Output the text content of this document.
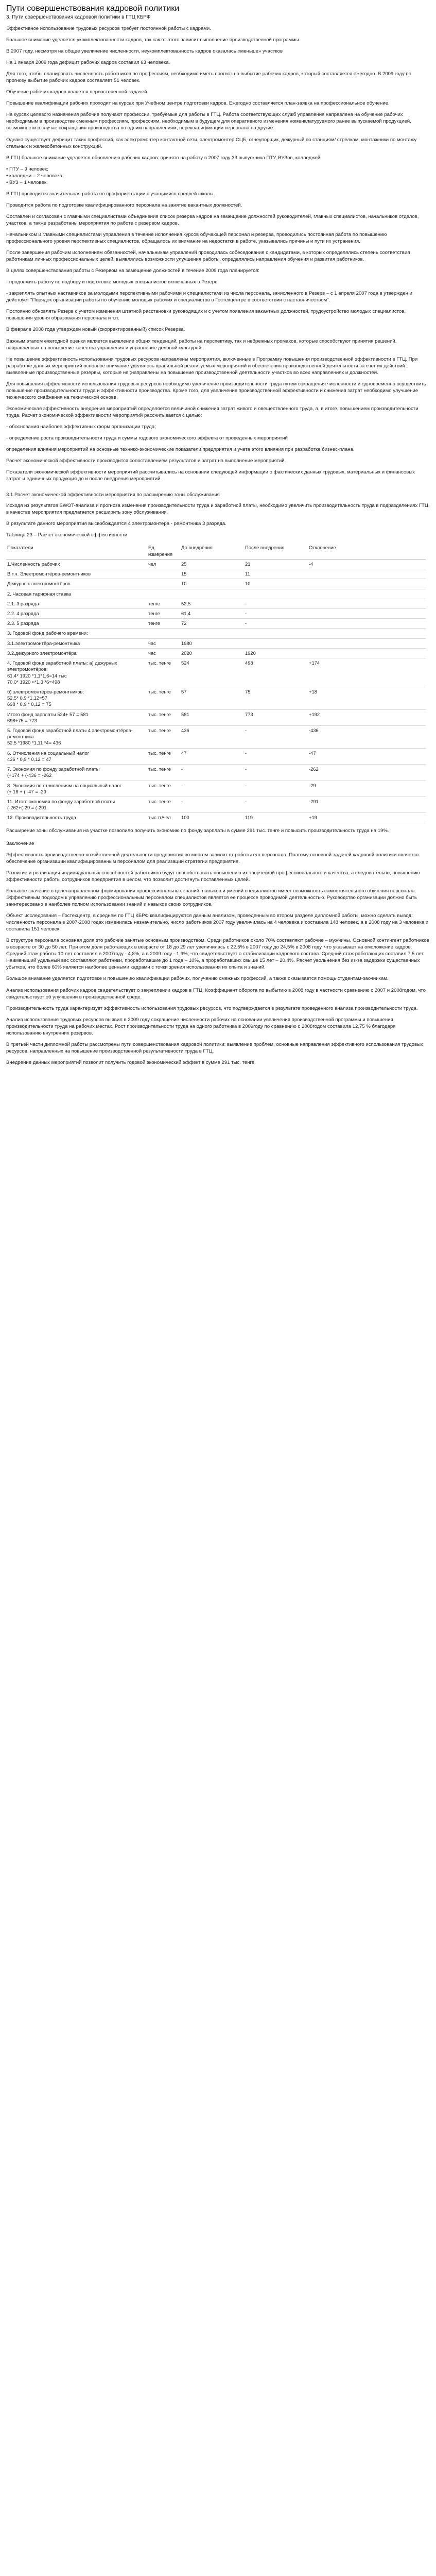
Пути совершенствования кадровой политики
3. Пути совершенствования кадровой политики в ГТЦ КБРФ
Эффективное использование трудовых ресурсов требует постоянной работы с кадрами.
Большое внимание уделяется укомплектованности кадров, так как от этого зависит выполнение производственной программы.
В 2007 году, несмотря на общее увеличение численности, неукомплектованность кадров оказалась «меньше» участков
На 1 января 2009 года дефицит рабочих кадров составил 63 человека.
Для того, чтобы планировать численность работников по профессиям, необходимо иметь прогноз на выбытие рабочих кадров, который составляется ежегодно. В 2009 году по прогнозу выбытие рабочих кадров составляет 51 человек.
Обучение рабочих кадров является первостепенной задачей.
Повышение квалификации рабочих проходит на курсах при Учебном центре подготовки кадров. Ежегодно составляется план-заявка на профессиональное обучение.
На курсах целевого назначения рабочие получают профессии, требуемые для работы в ГТЦ. Работа соответствующих служб управления направлена на обучение рабочих необходимым в производстве смежным профессиям, профессиям, необходимым в будущем для оперативного изменения номенклатуруемого ранее выпускаемой продукцией, возможности в случае сокращения производства по одним направлениям, переквалификации персонала на другие.
Однако существует дефицит таких профессий, как электромонтер контактной сети, электромонтер СЦБ, огнеупорщик, дежурный по станциям/ стрелкам, монтажники по монтажу стальных и железобетонных конструкций.
В ГТЦ большое внимание уделяется обновлению рабочих кадров: принято на работу в 2007 году 33 выпускника ПТУ, ВУЗов, колледжей:
• ПТУ – 9 человек;
• колледжи – 2 человека;
• ВУЗ – 1 человек.
В ГТЦ проводится значительная работа по профориентации с учащимися средней школы.
Проводится работа по подготовке квалифицированного персонала на занятие вакантных должностей.
Составлен и согласован с главными специалистами объединения список резерва кадров на замещение должностей руководителей, главных специалистов, начальников отделов, участков, а также разработаны мероприятия по работе с резервом кадров.
Начальником и главными специалистами управления в течение исполнения курсов обучающей персонал и резерва, проводились постоянная работа по повышению профессионального уровня перспективных специалистов, обращалось их внимание на недостатки в работе, указывались причины и пути их устранения.
После завершения рабочим исполнением обязанностей, начальникам управлений проводилась собеседования с кандидатами, в которых определялись степень соответствия работникам личных профессиональных целей, выявлялись возможности улучшения работы, определялись направления обучения и развития работников.
В целях совершенствования работы с Резервом на замещение должностей в течение 2009 года планируется:
- продолжить работу по подбору и подготовке молодых специалистов включенных в Резерв;
- закреплять опытных наставников за молодыми перспективными рабочими и специалистами из числа персонала, зачисленного в Резерв – с 1 апреля 2007 года в утвержден и действует "Порядок организации работы по обучению молодых рабочих и специалистов в Гостехцентре в соответствии с наставничеством".
Постоянно обновлять Резерв с учетом изменения штатной расстановки руководящих и с учетом появления вакантных должностей, трудоустройство молодых специалистов, повышения уровня образования персонала и т.п.
В феврале 2008 года утвержден новый (скорректированный) список Резерва.
Важным этапом ежегодной оценки является выявление общих тенденций, работы на перспективу, так и небрежных промахов, которые способствуют принятия решений, направленных на повышение качества управления и управление деловой культурой.
Не повышение эффективность использования трудовых ресурсов направлены мероприятия, включенные в Программу повышения производственной эффективности в ГТЦ. При разработке данных мероприятий основное внимание уделялось правильной реализуемых мероприятий и обеспечения производственной деятельности за счет их действий ; выявленные производственные резервы, которые не ;направлены на повышение производственной деятельности участков во всех направлениях и должностей.
Для повышения эффективности использования трудовых ресурсов необходимо увеличение производительности труда путем сокращения численности и одновременно осуществить повышение производительности труда и эффективности производства. Кроме того, для увеличения производственной эффективности и снижения затрат необходимо улучшение технического снабжения на технической основе.
Экономическая эффективность внедрения мероприятий определяется величиной снижения затрат живого и овеществленного труда, а, в итоге, повышением производительности труда. Расчет экономической эффективности мероприятий рассчитывается с целью:
- обоснования наиболее эффективных форм организации труда;
- определение роста производительности труда и суммы годового экономического эффекта от проведенных мероприятий
определения влияния мероприятий на основные технико-экономические показатели предприятия и учета этого влияния при разработке бизнес-плана.
Расчет экономической эффективности производится сопоставлением результатов и затрат на выполнение мероприятий.
Показатели экономической эффективности мероприятий рассчитывались на основании следующей информации о фактических данных трудовых, материальных и финансовых затрат и единичных продукция до и после внедрения мероприятий.
3.1 Расчет экономической эффективности мероприятия по расширению зоны обслуживания
Исходя из результатов SWOT-анализа и прогноза изменения производительности труда и заработной платы, необходимо увеличить производительность труда в подразделениях ГТЦ, в качестве мероприятия предлагается расширить зону обслуживания.
В результате данного мероприятия высвобождается 4 электромонтера - ремонтника 3 разряда.
Таблица 23 – Расчет экономической эффективности
Показатели	Ед. измерения	До внедрения	После внедрения	Отклонение
1.Численность рабочих	чел	25	21	-4
В т.ч. Электромонтёров-ремонтников		15	11	
Дежурных электромонтёров		10	10	
2. Часовая тарифная ставка				
2.1. 3 разряда	тенге	52,5	-	
2.2. 4 разряда	тенге	61,4	-	
2.3. 5 разряда	тенге	72	-	
3. Годовой фонд рабочего времени:				
3.1.электромонтёра-ремонтника	час	1980		
3.2.дежурного электромонтёра	час	2020	1920	
4. Годовой фонд заработной платы: а) дежурных электромонтёров:
61,4* 1920 *1,1*1,6=14 тыс
70,0* 1920 ≈*1,3 *6=498	тыс. тенге	524	498	+174
б) электромонтёров-ремонтников:
52,5* 0,9 *1,12=57
698 * 0,9 * 0,12 = 75	тыс. тенге	57	75	+18
Итого фонд зарплаты 524+ 57 = 581
698+75 = 773	тыс. тенге	581	773	+192
5. Годовой фонд заработной платы 4 электромонтёров-ремонтника
52,5 *1980 *1,11 *4= 436	тыс. тенге	436	-	-436
6. Отчисления на социальный налог
436 * 0,9 * 0,12 = 47	тыс. тенге	47	-	-47
7. Экономия по фонду заработной платы
(+174 + (-436 = -262	тыс. тенге	-	-	-262
8. Экономия по отчислениям на социальный налог
(+ 18 + ( -47 = -29	тыс. тенге	-	-	-29
11. Итого экономия по фонду заработной платы
(-262+(-29 = (-291	тыс. тенге	-	-	-291
12. Производительность труда	тыс.тг/чел	100	119	+19
Расширение зоны обслуживания на участке позволило получить экономию по фонду зарплаты в сумме 291 тыс. тенге и повысить производительность труда на 19%.
Заключение
Эффективность производственно-хозяйственной деятельности предприятия во многом зависит от работы его персонала. Поэтому основной задачей кадровой политики является обеспечение организации квалифицированным персоналом для реализации стратегии предприятия.
Развитие и реализация индивидуальных способностей работников будут способствовать повышению их творческой профессионального и качества, а следовательно, повышению эффективности работы сотрудников предприятия в целом, что позволит достигнуть поставленных целей.
Большое значение в целенаправленном формировании профессиональных знаний, навыков и умений специалистов имеет возможность самостоятельного обучения персонала. Эффективным подходом к управлению профессиональным персоналом специалистов является ее процессе проводимой деятельностью. Руководство организации должно быть заинтересовано в наиболее полном использовании знаний и навыков своих сотрудников.
Объект исследования – Гостехцентр, в среднем по ГТЦ КБРФ квалифицируются данным анализом, проведенным во втором разделе дипломной работы, можно сделать вывод: численность персонала в 2007-2008 годах изменилась незначительно, число работников 2007 году увеличилась на 4 человека и составила 148 человек, а в 2008 году на 3 человека и составила 151 человек.
В структуре персонала основная доля это рабочие занятые основным производством. Среди работников около 70% составляют рабочие – мужчины. Основной контингент работников в возрасте от 30 до 50 лет. При этом доля работающих в возрасте от 18 до 29 лет увеличилась с 22,5% в 2007 году до 24,5% в 2008 году, что указывает на омоложение кадров. Средний стаж работы 10 лет составлял в 2007году - 4,8%, а в 2009 году - 1,9%, что свидетельствует о стабилизации кадрового состава. Средний стаж работающих составил 7,5 лет. Наименьший удельный вес составляют работники, проработавшие до 1 года – 10%, а проработавших свыше 15 лет – 20,4%. Расчет увольнения без из-за задержки существенных убытков, что более 60% является наиболее ценными кадрами с точки зрения использования их опыта и знаний.
Большое внимание уделяется подготовке и повышению квалификации рабочих, получению смежных профессий, а также оказывается помощь студентам-заочникам.
Анализ использования рабочих кадров свидетельствует о закреплении кадров в ГТЦ. Коэффициент оборота по выбытию в 2008 году в частности сравнению с 2007 и 2008годом, что свидетельствует об улучшении в производственной среде.
Производительность труда характеризует эффективность использования трудовых ресурсов, что подтверждается в результате проведенного анализа производительности труда.
Анализ использования трудовых ресурсов выявил в 2009 году сокращение численности рабочих на основании увеличения производственной программы и повышения производительности труда на рабочих местах. Рост производительности труда на одного работника в 2009году по сравнению с 2008годом составила 12,75 % благодаря использованию внутренних резервов.
В третьей части дипломной работы рассмотрены пути совершенствования кадровой политики: выявление проблем, основные направления эффективного использования трудовых ресурсов, направленных на повышение производственной результативности труда в ГТЦ.
Внедрение данных мероприятий позволит получить годовой экономический эффект в сумме 291 тыс. тенге.
